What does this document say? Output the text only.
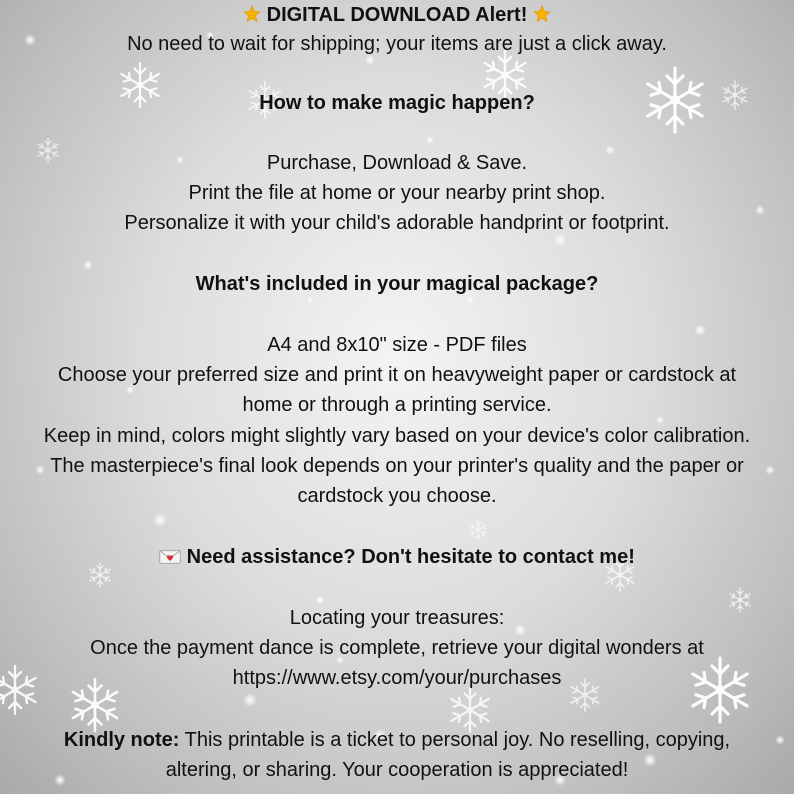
DIGITAL DOWNLOAD Alert!
No need to wait for shipping; your items are just a click away.
How to make magic happen?
Purchase, Download & Save.
Print the file at home or your nearby print shop.
Personalize it with your child's adorable handprint or footprint.
What's included in your magical package?
A4 and 8x10" size - PDF files
Choose your preferred size and print it on heavyweight paper or cardstock at
home or through a printing service.
Keep in mind, colors might slightly vary based on your device's color calibration.
The masterpiece's final look depends on your printer's quality and the paper or
cardstock you choose.
Need assistance? Don't hesitate to contact me!
Locating your treasures:
Once the payment dance is complete, retrieve your digital wonders at
https://www.etsy.com/your/purchases
Kindly note: This printable is a ticket to personal joy. No reselling, copying,
altering, or sharing. Your cooperation is appreciated!
